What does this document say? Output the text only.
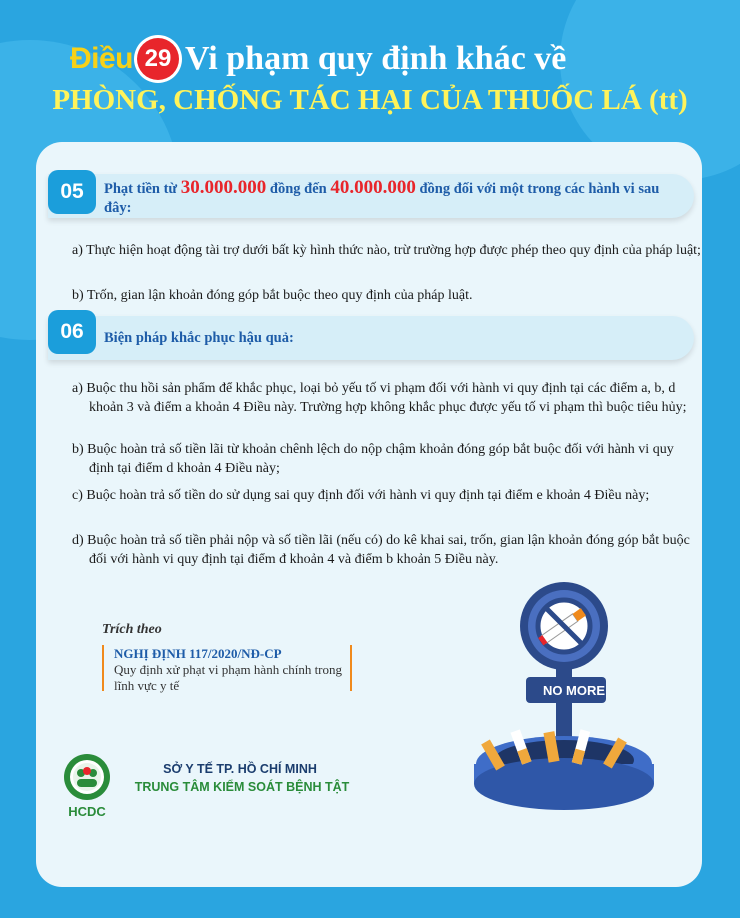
Điều 29 Vi phạm quy định khác về
PHÒNG, CHỐNG TÁC HẠI CỦA THUỐC LÁ (tt)
05	Phạt tiền từ 30.000.000 đồng đến 40.000.000 đồng đối với một trong các hành vi sau đây:
a) Thực hiện hoạt động tài trợ dưới bất kỳ hình thức nào, trừ trường hợp được phép theo quy định của pháp luật;
b) Trốn, gian lận khoản đóng góp bắt buộc theo quy định của pháp luật.
06	Biện pháp khắc phục hậu quả:
a) Buộc thu hồi sản phẩm để khắc phục, loại bỏ yếu tố vi phạm đối với hành vi quy định tại các điểm a, b, d khoản 3 và điểm a khoản 4 Điều này. Trường hợp không khắc phục được yếu tố vi phạm thì buộc tiêu hủy;
b) Buộc hoàn trả số tiền lãi từ khoản chênh lệch do nộp chậm khoản đóng góp bắt buộc đối với hành vi quy định tại điểm d khoản 4 Điều này;
c) Buộc hoàn trả số tiền do sử dụng sai quy định đối với hành vi quy định tại điểm e khoản 4 Điều này;
d) Buộc hoàn trả số tiền phải nộp và số tiền lãi (nếu có) do kê khai sai, trốn, gian lận khoản đóng góp bắt buộc đối với hành vi quy định tại điểm đ khoản 4 và điểm b khoản 5 Điều này.
Trích theo
NGHỊ ĐỊNH 117/2020/NĐ-CP
Quy định xử phạt vi phạm hành chính trong lĩnh vực y tế
HCDC
SỞ Y TẾ TP. HỒ CHÍ MINH
TRUNG TÂM KIỂM SOÁT BỆNH TẬT
NO MORE
